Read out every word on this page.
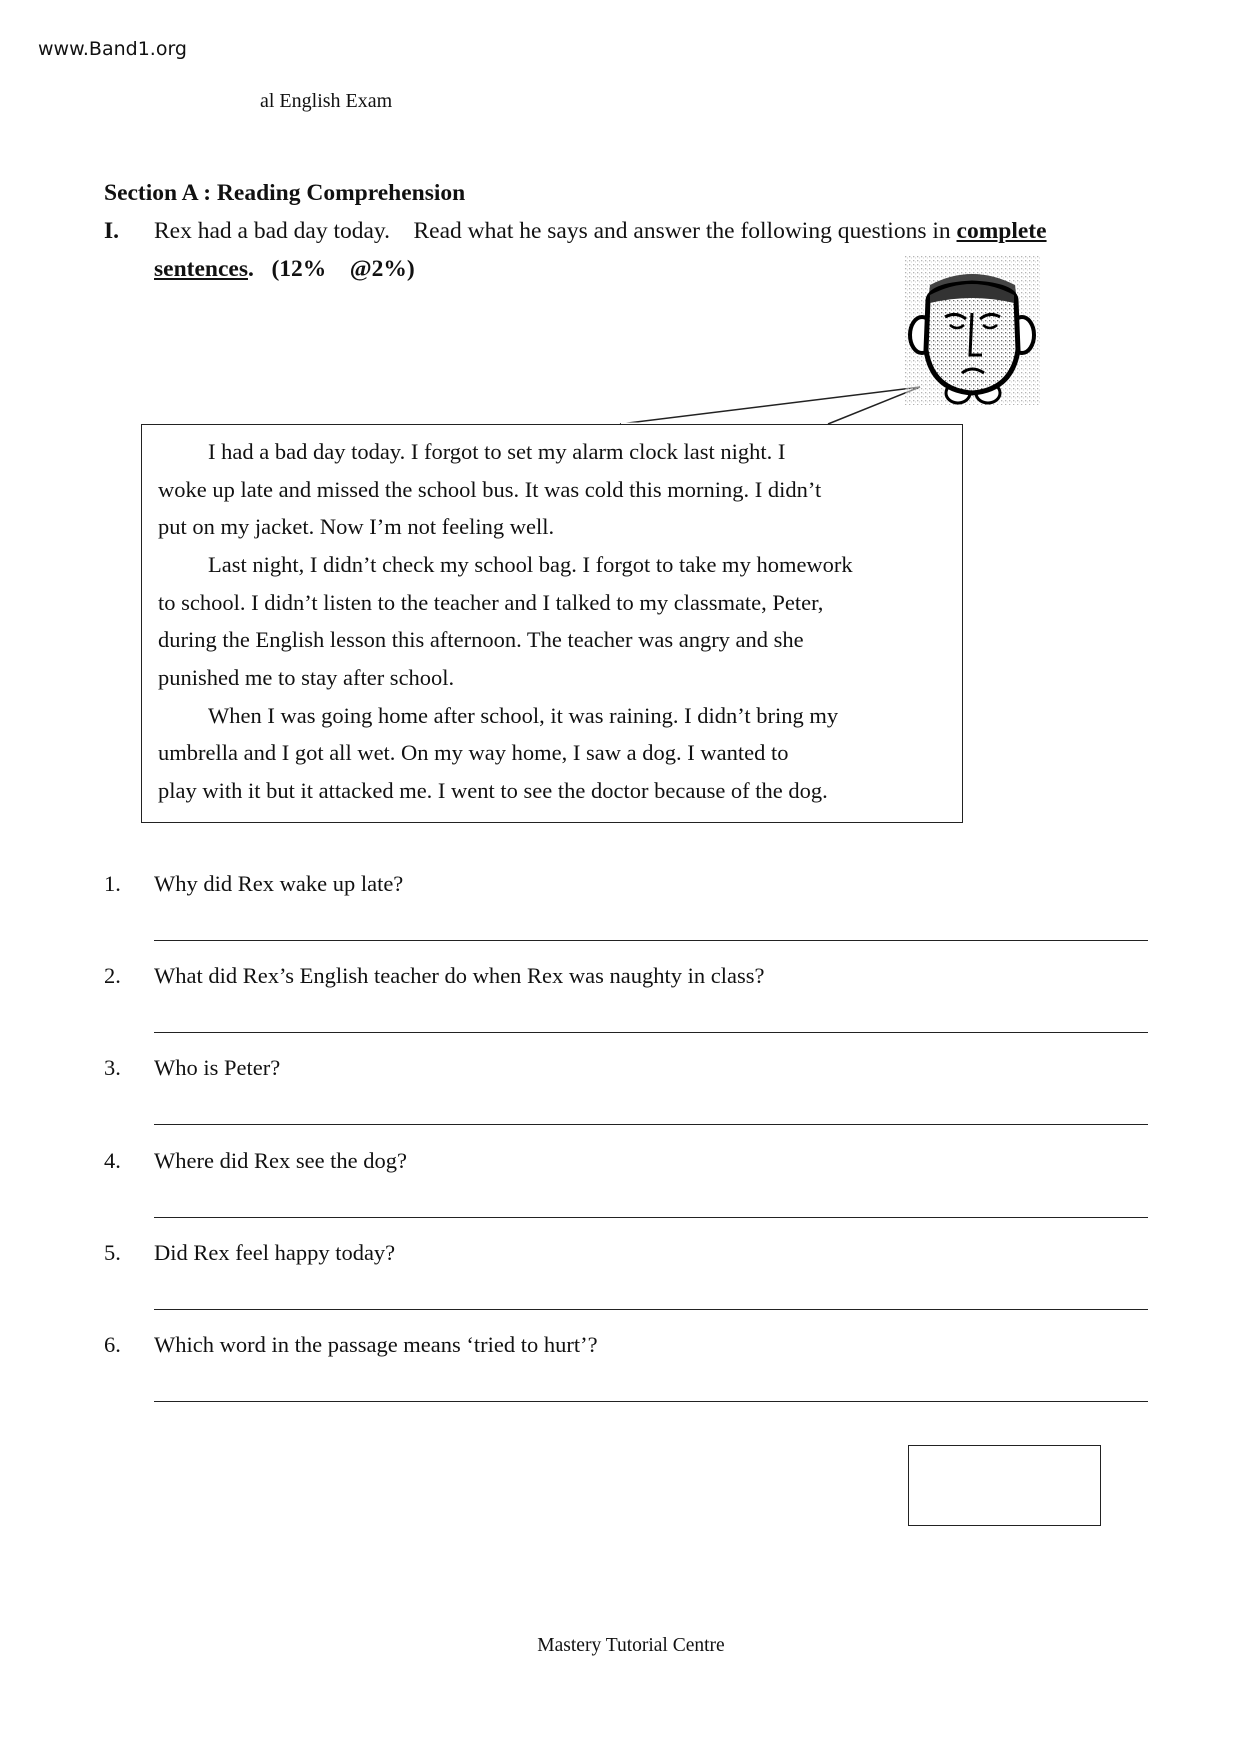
www.Band1.org
al English Exam
Section A : Reading Comprehension
I. Rex had a bad day today.    Read what he says and answer the following questions in complete
sentences.   (12%    @2%)
I had a bad day today. I forgot to set my alarm clock last night. I
woke up late and missed the school bus. It was cold this morning. I didn’t
put on my jacket. Now I’m not feeling well.
Last night, I didn’t check my school bag. I forgot to take my homework
to school. I didn’t listen to the teacher and I talked to my classmate, Peter,
during the English lesson this afternoon. The teacher was angry and she
punished me to stay after school.
When I was going home after school, it was raining. I didn’t bring my
umbrella and I got all wet. On my way home, I saw a dog. I wanted to
play with it but it attacked me. I went to see the doctor because of the dog.
1. Why did Rex wake up late?
2. What did Rex’s English teacher do when Rex was naughty in class?
3. Who is Peter?
4. Where did Rex see the dog?
5. Did Rex feel happy today?
6. Which word in the passage means ‘tried to hurt’?
Mastery Tutorial Centre
